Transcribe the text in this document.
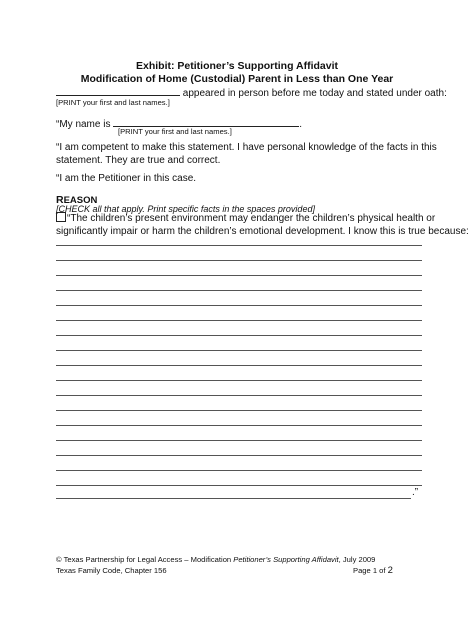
Exhibit: Petitioner’s Supporting Affidavit
Modification of Home (Custodial) Parent in Less than One Year
appeared in person before me today and stated under oath:
[PRINT your first and last names.]
“My name is	.
[PRINT your first and last names.]
“I am competent to make this statement. I have personal knowledge of the facts in this
statement. They are true and correct.
“I am the Petitioner in this case.
REASON
[CHECK all that apply. Print specific facts in the spaces provided]
“The children’s present environment may endanger the children’s physical health or
significantly impair or harm the children’s emotional development. I know this is true because:
.”
© Texas Partnership for Legal Access – Modification Petitioner’s Supporting Affidavit, July 2009
Texas Family Code, Chapter 156	Page 1 of 2
